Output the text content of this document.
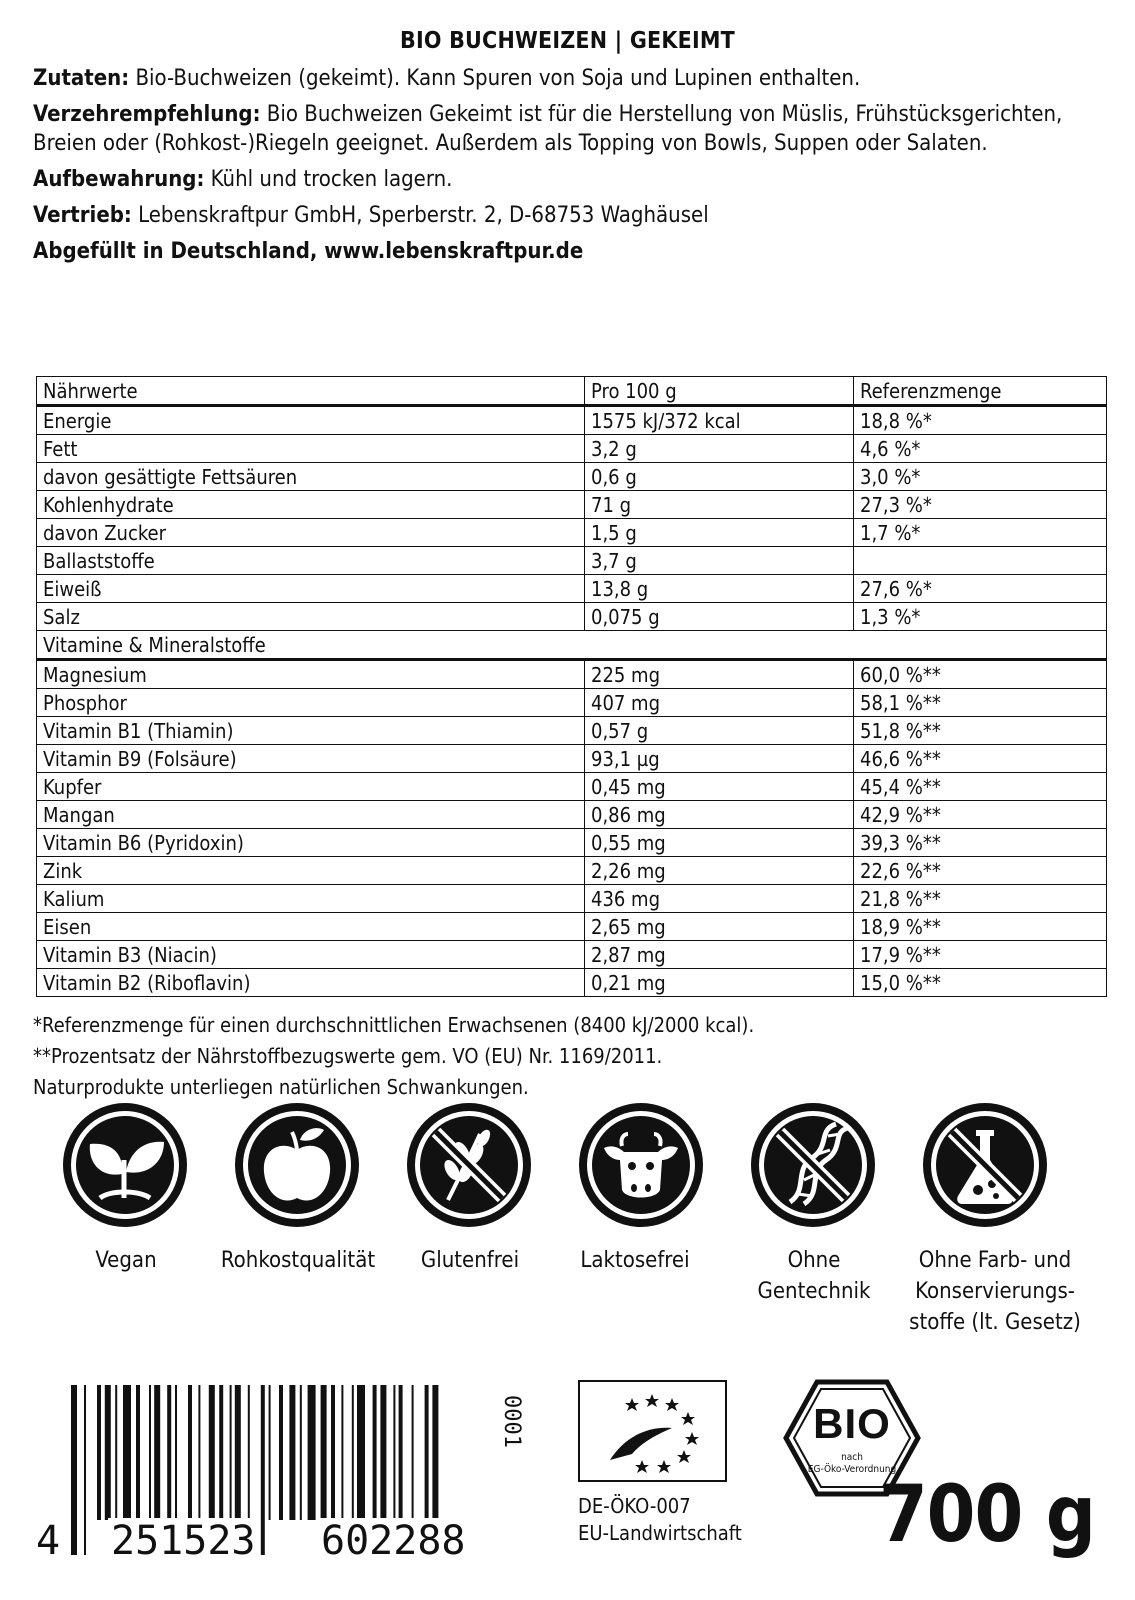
BIO BUCHWEIZEN | GEKEIMT

Zutaten: Bio-Buchweizen (gekeimt). Kann Spuren von Soja und Lupinen enthalten.

Verzehrempfehlung: Bio Buchweizen Gekeimt ist für die Herstellung von Müslis, Frühstücksgerichten, Breien oder (Rohkost-)Riegeln geeignet. Außerdem als Topping von Bowls, Suppen oder Salaten.

Aufbewahrung: Kühl und trocken lagern.

Vertrieb: Lebenskraftpur GmbH, Sperberstr. 2, D-68753 Waghäusel

Abgefüllt in Deutschland, www.lebenskraftpur.de

Nährwerte	Pro 100 g	Referenzmenge
Energie	1575 kJ/372 kcal	18,8 %*
Fett	3,2 g	4,6 %*
davon gesättigte Fettsäuren	0,6 g	3,0 %*
Kohlenhydrate	71 g	27,3 %*
davon Zucker	1,5 g	1,7 %*
Ballaststoffe	3,7 g	
Eiweiß	13,8 g	27,6 %*
Salz	0,075 g	1,3 %*
Vitamine & Mineralstoffe		
Magnesium	225 mg	60,0 %**
Phosphor	407 mg	58,1 %**
Vitamin B1 (Thiamin)	0,57 g	51,8 %**
Vitamin B9 (Folsäure)	93,1 µg	46,6 %**
Kupfer	0,45 mg	45,4 %**
Mangan	0,86 mg	42,9 %**
Vitamin B6 (Pyridoxin)	0,55 mg	39,3 %**
Zink	2,26 mg	22,6 %**
Kalium	436 mg	21,8 %**
Eisen	2,65 mg	18,9 %**
Vitamin B3 (Niacin)	2,87 mg	17,9 %**
Vitamin B2 (Riboflavin)	0,21 mg	15,0 %**
*Referenzmenge für einen durchschnittlichen Erwachsenen (8400 kJ/2000 kcal).
**Prozentsatz der Nährstoffbezugswerte gem. VO (EU) Nr. 1169/2011.
Naturprodukte unterliegen natürlichen Schwankungen.
Vegan	Rohkostqualität	Glutenfrei	Laktosefrei	Ohne
Gentechnik
Ohne Farb- und
Konservierungs-
stoffe (lt. Gesetz)
4 251523 602288
0001
DE-ÖKO-007
EU-Landwirtschaft
BIO
nach
EG-Öko-Verordnung
700 g
